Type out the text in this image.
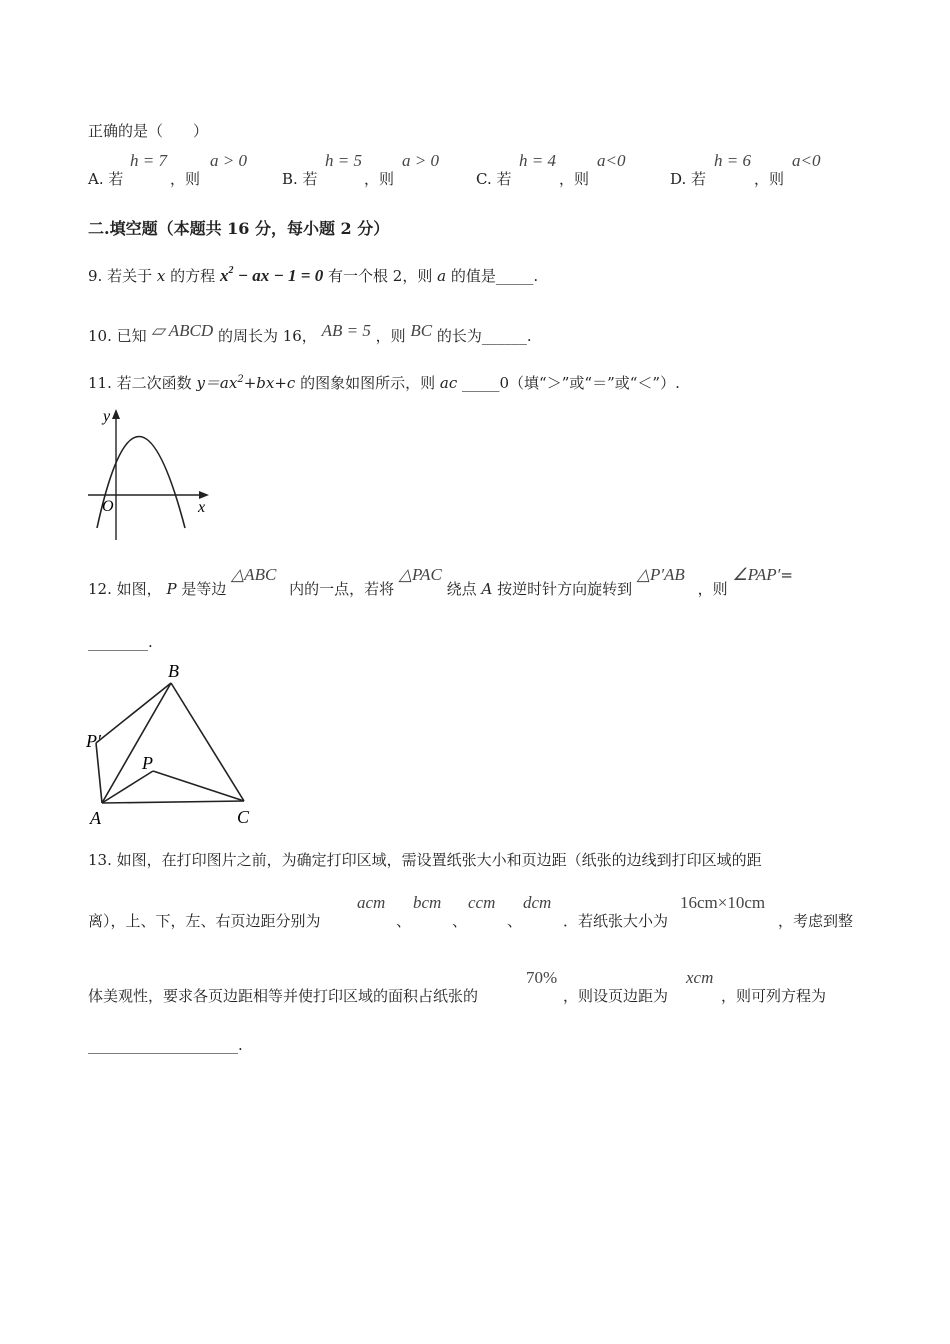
正确的是（　　）
A. 若
h = 7
，则
a > 0
B. 若
h = 5
，则
a > 0
C. 若
h = 4
，则
a<0
D. 若
h = 6
，则
a<0
二.填空题（本题共 16 分，每小题 2 分）
9. 若关于 x 的方程 $x^2$ − ax − 1 = 0 有一个根 2，则 a 的值是_____.
10. 已知 ▱ ABCD 的周长为 16， AB = 5 ，则 BC 的长为______.
11. 若二次函数 $y=ax^2+bx+c$ 的图象如图所示，则 ac _____0（填“＞”或“＝”或“＜”）.
y
x
O
12. 如图， P 是等边 △ABC 内的一点，若将 △PAC 绕点 A 按逆时针方向旋转到 △P′AB ，则 ∠PAP′=
________.
B
P′
P
A	C
13. 如图，在打印图片之前，为确定打印区域，需设置纸张大小和页边距（纸张的边线到打印区域的距
离），上、下，左、右页边距分别为
acm
、
bcm
、
ccm
、
dcm
．若纸张大小为
16cm×10cm
，考虑到整
体美观性，要求各页边距相等并使打印区域的面积占纸张的
70%
，则设页边距为
xcm
，则可列方程为
____________________.
